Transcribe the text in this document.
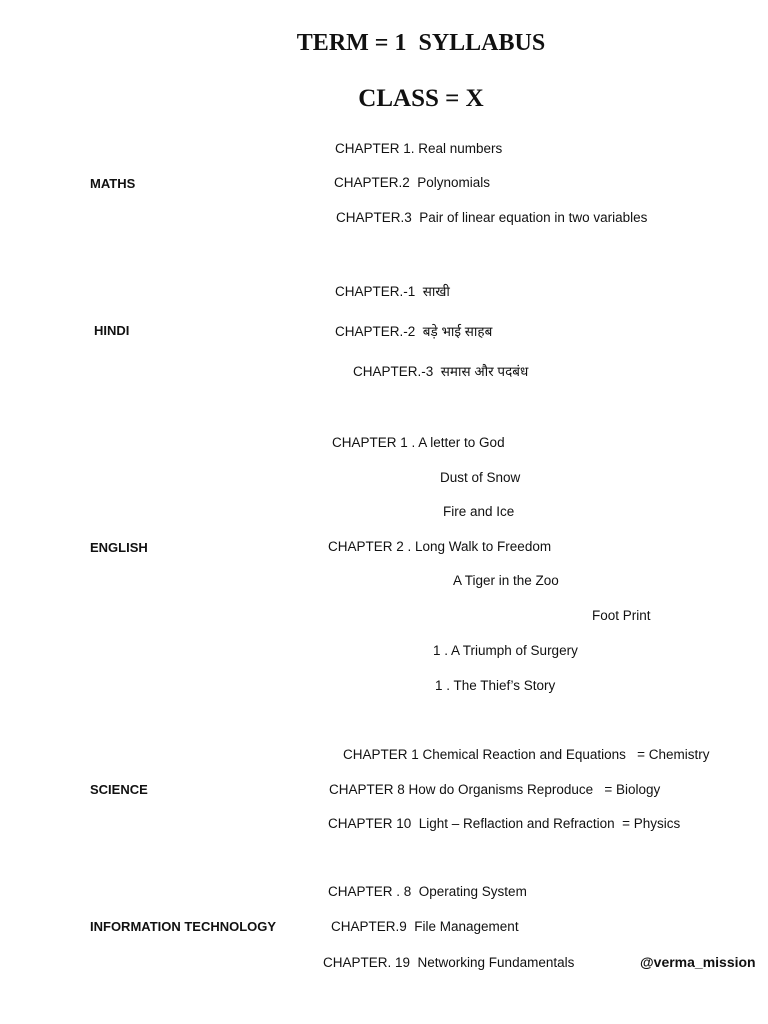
TERM = 1  SYLLABUS
CLASS = X
MATHS
CHAPTER 1. Real numbers
CHAPTER.2  Polynomials
CHAPTER.3  Pair of linear equation in two variables
HINDI
CHAPTER.-1  साखी
CHAPTER.-2  बड़े भाई साहब
CHAPTER.-3  समास और पदबंध
ENGLISH
CHAPTER 1 . A letter to God
Dust of Snow
Fire and Ice
CHAPTER 2 . Long Walk to Freedom
A Tiger in the Zoo
Foot Print
1 . A Triumph of Surgery
1 . The Thief’s Story
SCIENCE
CHAPTER 1 Chemical Reaction and Equations   = Chemistry
CHAPTER 8 How do Organisms Reproduce   = Biology
CHAPTER 10  Light – Reflaction and Refraction  = Physics
INFORMATION TECHNOLOGY
CHAPTER . 8  Operating System
CHAPTER.9  File Management
CHAPTER. 19  Networking Fundamentals	@verma_mission
